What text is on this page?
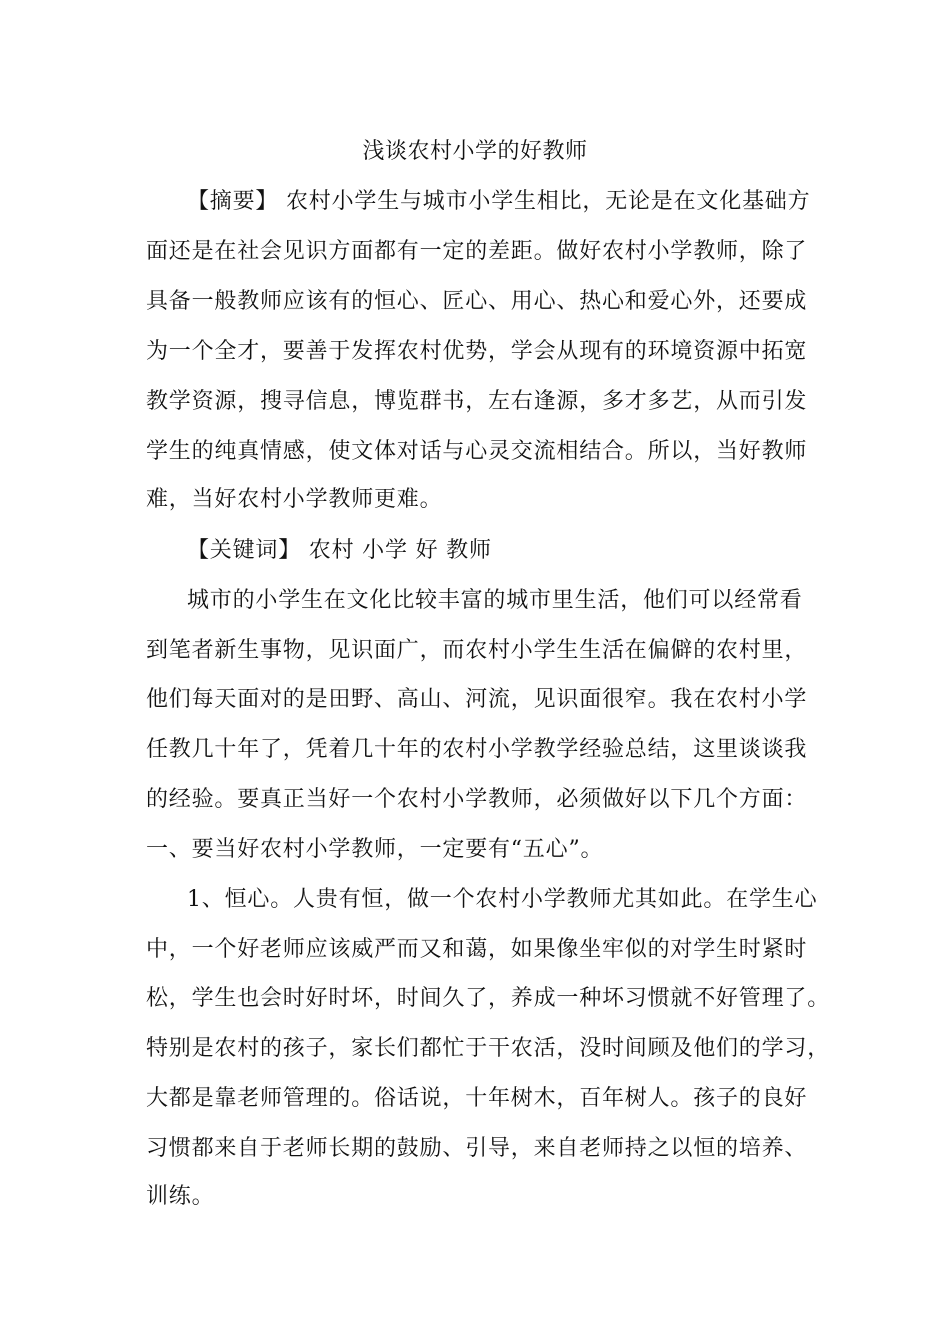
浅谈农村小学的好教师
【摘要】 农村小学生与城市小学生相比，无论是在文化基础方
面还是在社会见识方面都有一定的差距。做好农村小学教师，除了
具备一般教师应该有的恒心、匠心、用心、热心和爱心外，还要成
为一个全才，要善于发挥农村优势，学会从现有的环境资源中拓宽
教学资源，搜寻信息，博览群书，左右逢源，多才多艺，从而引发
学生的纯真情感，使文体对话与心灵交流相结合。所以，当好教师
难，当好农村小学教师更难。
【关键词】 农村 小学 好 教师
城市的小学生在文化比较丰富的城市里生活，他们可以经常看
到笔者新生事物，见识面广，而农村小学生生活在偏僻的农村里，
他们每天面对的是田野、高山、河流，见识面很窄。我在农村小学
任教几十年了，凭着几十年的农村小学教学经验总结，这里谈谈我
的经验。要真正当好一个农村小学教师，必须做好以下几个方面：
一、要当好农村小学教师，一定要有“五心”。
1、恒心。人贵有恒，做一个农村小学教师尤其如此。在学生心
中，一个好老师应该威严而又和蔼，如果像坐牢似的对学生时紧时
松，学生也会时好时坏，时间久了，养成一种坏习惯就不好管理了。
特别是农村的孩子，家长们都忙于干农活，没时间顾及他们的学习，
大都是靠老师管理的。俗话说，十年树木，百年树人。孩子的良好
习惯都来自于老师长期的鼓励、引导，来自老师持之以恒的培养、
训练。
